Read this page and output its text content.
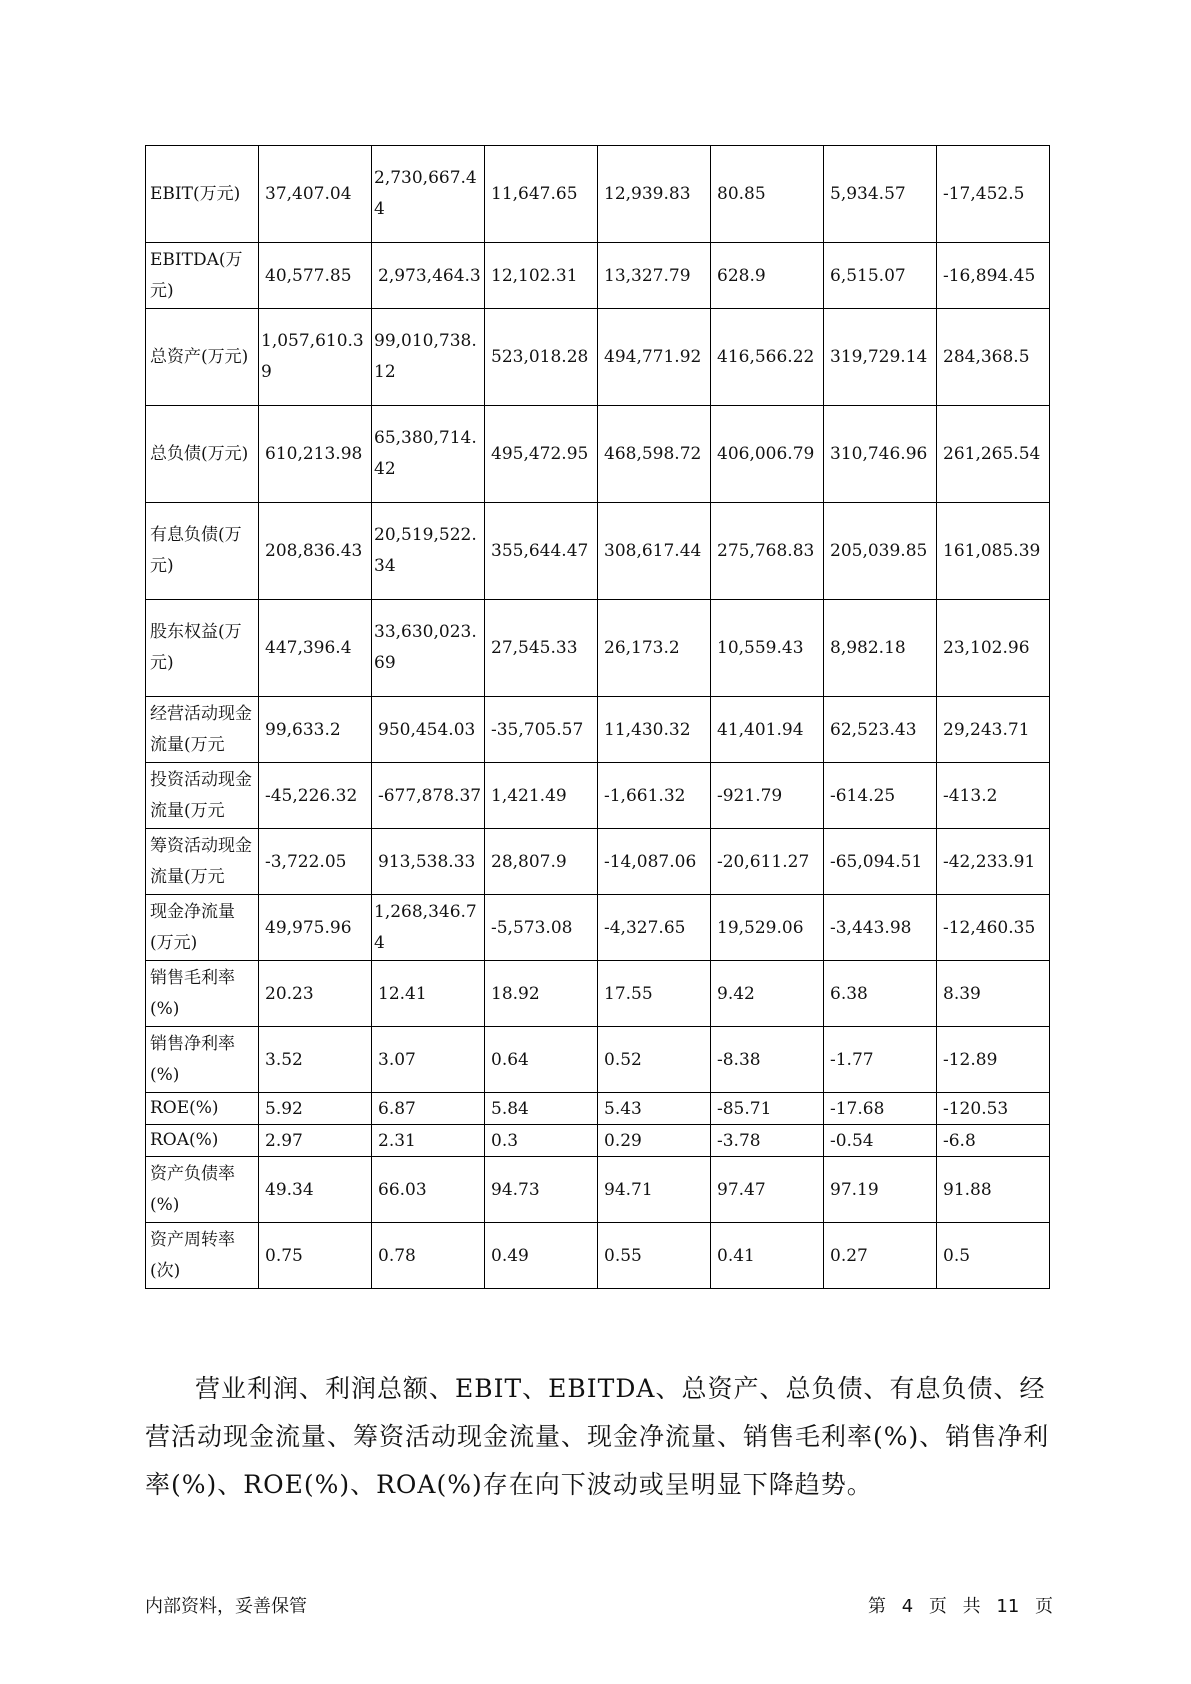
EBIT(万元)	37,407.04	2,730,667.44	11,647.65	12,939.83	80.85	5,934.57	-17,452.5
EBITDA(万元)	40,577.85	2,973,464.3	12,102.31	13,327.79	628.9	6,515.07	-16,894.45
总资产(万元)	1,057,610.39	99,010,738.12	523,018.28	494,771.92	416,566.22	319,729.14	284,368.5
总负债(万元)	610,213.98	65,380,714.42	495,472.95	468,598.72	406,006.79	310,746.96	261,265.54
有息负债(万元)	208,836.43	20,519,522.34	355,644.47	308,617.44	275,768.83	205,039.85	161,085.39
股东权益(万元)	447,396.4	33,630,023.69	27,545.33	26,173.2	10,559.43	8,982.18	23,102.96
经营活动现金流量(万元	99,633.2	950,454.03	-35,705.57	11,430.32	41,401.94	62,523.43	29,243.71
投资活动现金流量(万元	-45,226.32	-677,878.37	1,421.49	-1,661.32	-921.79	-614.25	-413.2
筹资活动现金流量(万元	-3,722.05	913,538.33	28,807.9	-14,087.06	-20,611.27	-65,094.51	-42,233.91
现金净流量(万元)	49,975.96	1,268,346.74	-5,573.08	-4,327.65	19,529.06	-3,443.98	-12,460.35
销售毛利率(%)	20.23	12.41	18.92	17.55	9.42	6.38	8.39
销售净利率(%)	3.52	3.07	0.64	0.52	-8.38	-1.77	-12.89
ROE(%)	5.92	6.87	5.84	5.43	-85.71	-17.68	-120.53
ROA(%)	2.97	2.31	0.3	0.29	-3.78	-0.54	-6.8
资产负债率(%)	49.34	66.03	94.73	94.71	97.47	97.19	91.88
资产周转率(次)	0.75	0.78	0.49	0.55	0.41	0.27	0.5

营业利润、利润总额、EBIT、EBITDA、总资产、总负债、有息负债、经营活动现金流量、筹资活动现金流量、现金净流量、销售毛利率(%)、销售净利率(%)、ROE(%)、ROA(%)存在向下波动或呈明显下降趋势。

内部资料，妥善保管	第 4 页 共 11 页
